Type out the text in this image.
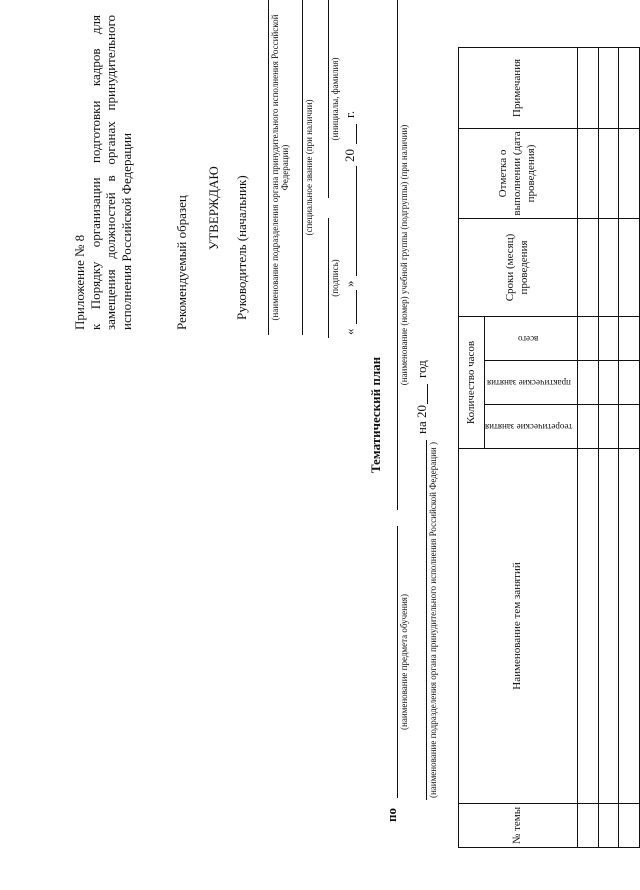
Приложение № 8 к Порядку организации подготовки кадров для замещения должностей в органах принудительного исполнения Российской Федерации	Рекомендуемый образец УТВЕРЖДАЮ Руководитель (начальник) (наименование подразделения органа принудительного исполнения Российской Федерации) (специальное звание (при наличии)
(подпись)
(инициалы, фамилия)
«
»
20
г.
Тематический план
по
(наименование предмета обучения)
(наименование (номер) учебной группы (подгруппы) (при наличии)
(наименование подразделения органа принудительного исполнения Российской Федерации )
на 20
год
№ темы	Наименование тем занятий	Количество часов			Сроки (месяц) проведения	Отметка о выполнении (дата проведения)	Примечания
		теоретические занятия	практические занятия	всего			
